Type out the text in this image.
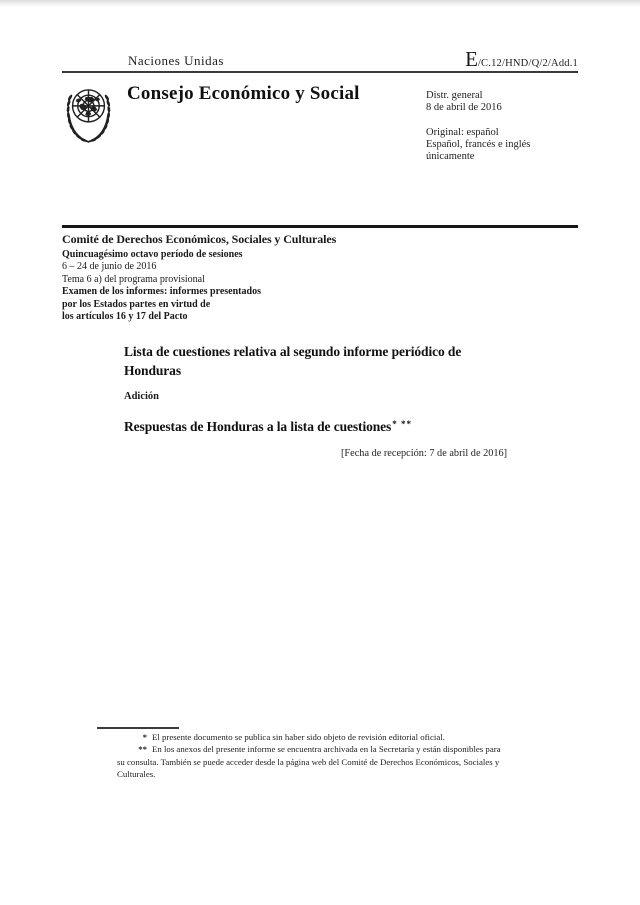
Naciones Unidas	E/C.12/HND/Q/2/Add.1
Consejo Económico y Social	Distr. general
8 de abril de 2016
Original: español
Español, francés e inglés
únicamente
Comité de Derechos Económicos, Sociales y Culturales
Quincuagésimo octavo período de sesiones
6 – 24 de junio de 2016
Tema 6 a) del programa provisional
Examen de los informes: informes presentados
por los Estados partes en virtud de
los artículos 16 y 17 del Pacto
Lista de cuestiones relativa al segundo informe periódico de
Honduras
Adición
Respuestas de Honduras a la lista de cuestiones* **
[Fecha de recepción: 7 de abril de 2016]

* El presente documento se publica sin haber sido objeto de revisión editorial oficial.

** En los anexos del presente informe se encuentra archivada en la Secretaría y están disponibles para su consulta. También se puede acceder desde la página web del Comité de Derechos Económicos, Sociales y Culturales.
